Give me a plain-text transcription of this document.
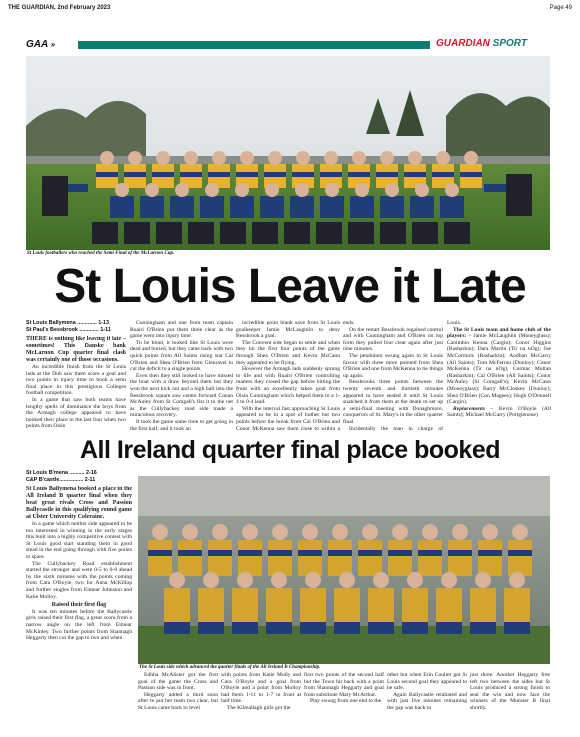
THE GUARDIAN, 2nd February 2023	Page 49
GAA »	GUARDIAN SPORT
St Louis footballers who reached the Semi Final of the McLarnon Cup.
St Louis Leave it Late
St Louis Ballymena ............. 1-13
St Paul's Bessbrook ............. 1-11

THERE is nothing like leaving it late – sometimes! This Danske bank McLarnon Cup quarter final clash was certainly one of those occasions.

An incredible finish from the St Louis lads at the Dub saw them score a goal and two points in injury time to book a semi final place in this prestigious Colleges football competition.

In a game that saw both teams have lengthy spells of dominance the boys from the Armagh college appeared to have booked their place in the last four when two points from Oisin

Cunningham and one from team captain Ruairi O'Brien put them three clear as the game went into injury time.

To be blunt, it looked like St Louis were dead and buried, but they came back with two quick points from All Saints rising star Cal O'Brien and Shea O'Brien from Glenravel to cut the deficit to a single points.

Even then they still looked to have missed the boat with a draw beyond them but they won the next kick out and a high ball into the Bessbrook square saw centre forward Conan McAuley from St Comgall's fist it to the net as the Cullybackey road side made a miraculous recovery.

It took the game some time to get going in the first half, and it took an

incredible point blank save from St Louis goalkeeper Jamie McLaughlin to deny Bessbrook a goal.

The Convent side began to settle and when they hit the first four points of the game through Shea O'Brien and Kevin McCann they appeared to be flying.

However the Armagh lads suddenly sprung to life and with Ruairi O'Brien controlling matters they closed the gap before hitting the front with an excellently taken goal from Oisin Cunningham which helped them to a 1-4 to 0-4 lead.

With the interval fast approaching St Louis appeared to be in a spot of bother but two points before the break from Cal O'Brien and Conor McKenna saw them close to within a

ends.

On the restart Bessbrook regained control and with Cunningham and O'Brien on top form they pulled four clear again after just nine minutes.

The pendulum swung again in St Louis favour with three more pointed from Shea O'Brien and one from McKenna to tie things up again.

Bessbrooks three points between the twenty seventh and thirtieth minutes appeared to have sealed it until St Louis snatched it from them at the death to set up a semi-final meeting with Donaghmore, conquerors of St. Mary's in the other quarter final.

Incidentally the man in charge of

Louis.

The St Louis team and home club of the players: – Jamie McLaughlin (Moneyglass); Caoimhin Kenna (Cargin); Conor Higgins (Rasharkin); Dara Martin (Tir na nOg); Joe McCormick (Rasharkin); Aodhan McGarry (All Saints); Tom McFerran (Dunloy); Conor McKenna (Tir na nOg), Cormac Mullan (Rasharkin); Cal O'Brien (All Saints); Conor McAuley (St Comgall's); Kevin McCann (Moneyglass); Barry McCloskey (Dunloy); Shea O'Brien (Con Magees); Hugh O'Donnell (Cargin).

Replacements – Kevin O'Boyle (All Saints); Michael McGarry (Portglenone)

All Ireland quarter final place booked
St Louis B'mena .......... 2-16
C&P B'castle................ 2-11

St Louis Ballymena booked a place in the All Ireland B quarter final when they beat great rivals Cross and Passion Ballycastle in this qualifying round game at Ulster University Coleraine.

In a game which neither side appeared to be too interested in winning in the early stages this built into a highly competitive contest with St Louis good start standing them in good stead in the end going through with five points to spare.

The Cullybackey Road establishment started the stronger and were 0-5 to 0-0 ahead by the sixth minutes with the points coming from Cara O'Boyle, two for Anna McKillop and further singles from Eimear Johnston and Katie Molloy.

Raised their first flag

It was ten minutes before the Ballycastle girls raised their first flag, a great score from a narrow angle on the left from Eimear McKinley. Two further points from Shannagh Heggarty then cut the gap to two and when

The St Louis side which advanced the quarter finals of the All Ireland B Championship.

Edhha McAlister got the first goal of the game the Cross and Passion side was in front.

Heggarty added a third soon after to put her team two clear, but St Louis came back to level

with points from Katie Molly and Cara O'Boyle and a goal from O'Boyle and a point from Molloy had them 1-11 to 1-7 in front at half time.

The Kilmallagh girls got the

first two points of the second half but the Town hit back with a point from Shannagh Heggarty and goal from substitute Mary McArthur.

Play swung from one end to the

other but when Erin Coulter got St Louis second goal they appeared to be safe.

Again Ballycastle retaliated and with just five minutes remaining the gap was back to

just three. Another Heggarty free left two between the sides but St Louis produced a strong finish to seal the win and now face the winners of the Munster B final shortly.
